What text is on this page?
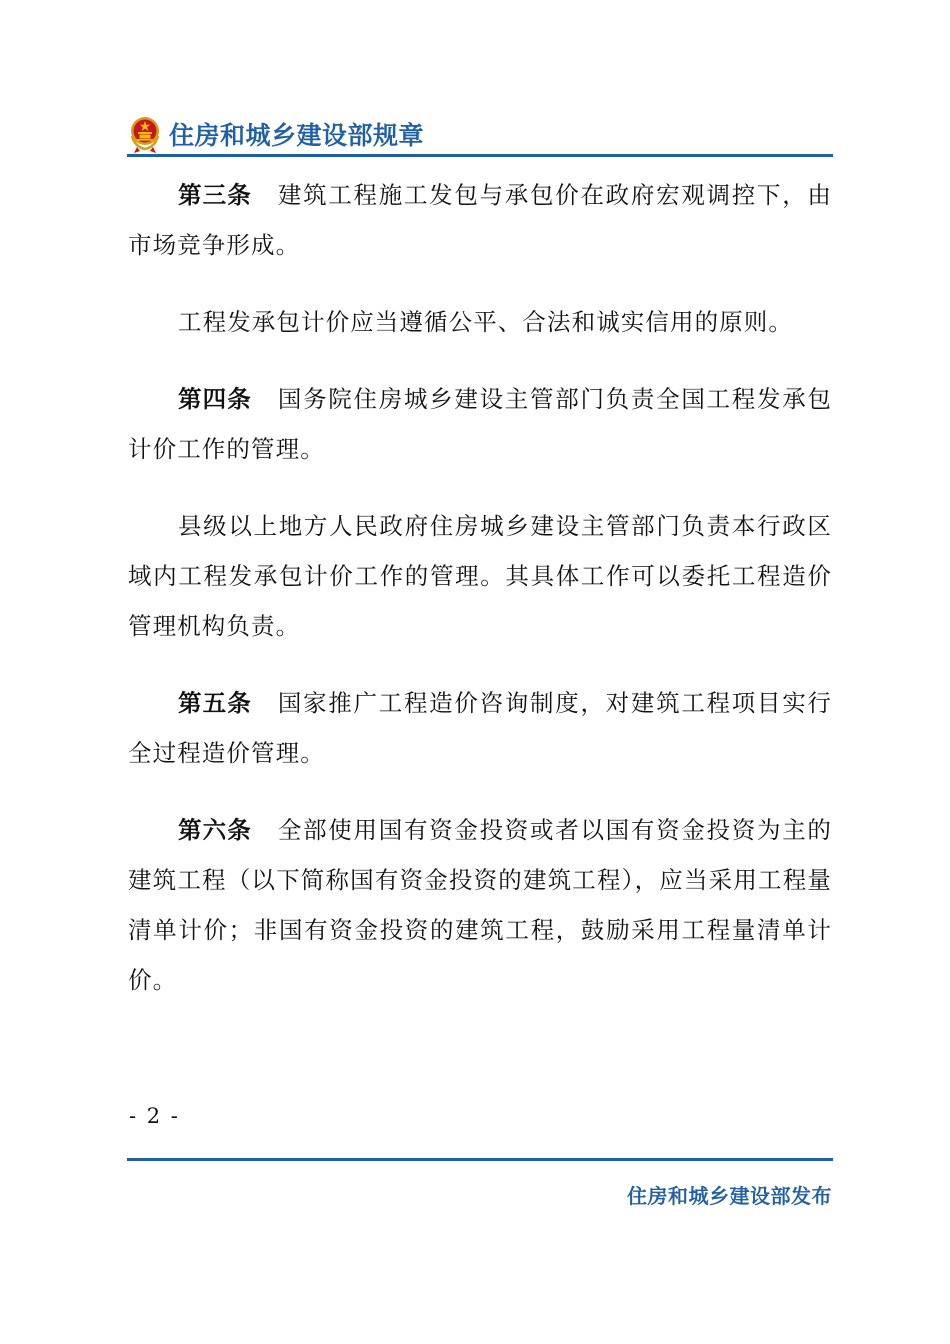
住房和城乡建设部规章

第三条 建筑工程施工发包与承包价在政府宏观调控下，由市场竞争形成。

工程发承包计价应当遵循公平、合法和诚实信用的原则。

第四条 国务院住房城乡建设主管部门负责全国工程发承包计价工作的管理。

县级以上地方人民政府住房城乡建设主管部门负责本行政区域内工程发承包计价工作的管理。其具体工作可以委托工程造价管理机构负责。

第五条 国家推广工程造价咨询制度，对建筑工程项目实行全过程造价管理。

第六条 全部使用国有资金投资或者以国有资金投资为主的建筑工程（以下简称国有资金投资的建筑工程），应当采用工程量清单计价；非国有资金投资的建筑工程，鼓励采用工程量清单计价。

- 2 -
住房和城乡建设部发布
